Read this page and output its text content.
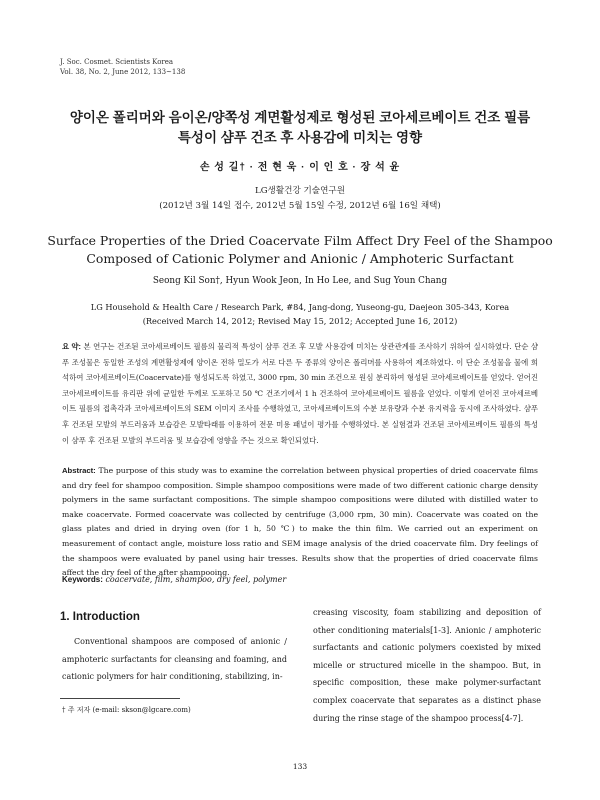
J. Soc. Cosmet. Scientists Korea
Vol. 38, No. 2, June 2012, 133~138
양이온 폴리머와 음이온/양쪽성 계면활성제로 형성된 코아세르베이트 건조 필름
특성이 샴푸 건조 후 사용감에 미치는 영향
손 성 길† · 전 현 욱 · 이 인 호 · 장 석 윤
LG생활건강 기술연구원
(2012년 3월 14일 접수, 2012년 5월 15일 수정, 2012년 6월 16일 채택)
Surface Properties of the Dried Coacervate Film Affect Dry Feel of the Shampoo
Composed of Cationic Polymer and Anionic / Amphoteric Surfactant
Seong Kil Son†, Hyun Wook Jeon, In Ho Lee, and Sug Youn Chang
LG Household & Health Care / Research Park, #84, Jang-dong, Yuseong-gu, Daejeon 305-343, Korea
(Received March 14, 2012; Revised May 15, 2012; Accepted June 16, 2012)
요 약: 본 연구는 건조된 코아세르베이트 필름의 물리적 특성이 샴푸 건조 후 모발 사용감에 미치는 상관관계를 조사하기 위하여 실시하였다. 단순 샴푸 조성물은 동일한 조성의 계면활성제에 양이온 전하 밀도가 서로 다른 두 종류의 양이온 폴리머를 사용하여 제조하였다. 이 단순 조성물을 물에 희석하여 코아세르베이트(Coacervate)를 형성되도록 하였고, 3000 rpm, 30 min 조건으로 원심 분리하여 형성된 코아세르베이트를 얻었다. 얻어진 코아세르베이트를 유리판 위에 균일한 두께로 도포하고 50 ℃ 건조기에서 1 h 건조하여 코아세르베이트 필름을 얻었다. 이렇게 얻어진 코아세르베이트 필름의 접촉각과 코아세르베이트의 SEM 이미지 조사를 수행하였고, 코아세르베이트의 수분 보유량과 수분 유지력을 동시에 조사하였다. 샴푸 후 건조된 모발의 부드러움과 보습감은 모발타래를 이용하여 전문 미용 패널이 평가를 수행하였다. 본 실험결과 건조된 코아세르베이트 필름의 특성이 샴푸 후 건조된 모발의 부드러움 및 보습감에 영향을 주는 것으로 확인되었다.
Abstract: The purpose of this study was to examine the correlation between physical properties of dried coacervate films and dry feel for shampoo composition. Simple shampoo compositions were made of two different cationic charge density polymers in the same surfactant compositions. The simple shampoo compositions were diluted with distilled water to make coacervate. Formed coacervate was collected by centrifuge (3,000 rpm, 30 min). Coacervate was coated on the glass plates and dried in drying oven (for 1 h, 50 ℃) to make the thin film. We carried out an experiment on measurement of contact angle, moisture loss ratio and SEM image analysis of the dried coacervate film. Dry feelings of the shampoos were evaluated by panel using hair tresses. Results show that the properties of dried coacervate films affect the dry feel of the after shampooing.
Keywords: coacervate, film, shampoo, dry feel, polymer
1. Introduction
Conventional shampoos are composed of anionic / amphoteric surfactants for cleansing and foaming, and cationic polymers for hair conditioning, stabilizing, in-
creasing viscosity, foam stabilizing and deposition of other conditioning materials[1-3]. Anionic / amphoteric surfactants and cationic polymers coexisted by mixed micelle or structured micelle in the shampoo. But, in specific composition, these make polymer-surfactant complex coacervate that separates as a distinct phase during the rinse stage of the shampoo process[4-7].
† 주 저자 (e-mail: skson@lgcare.com)
133
